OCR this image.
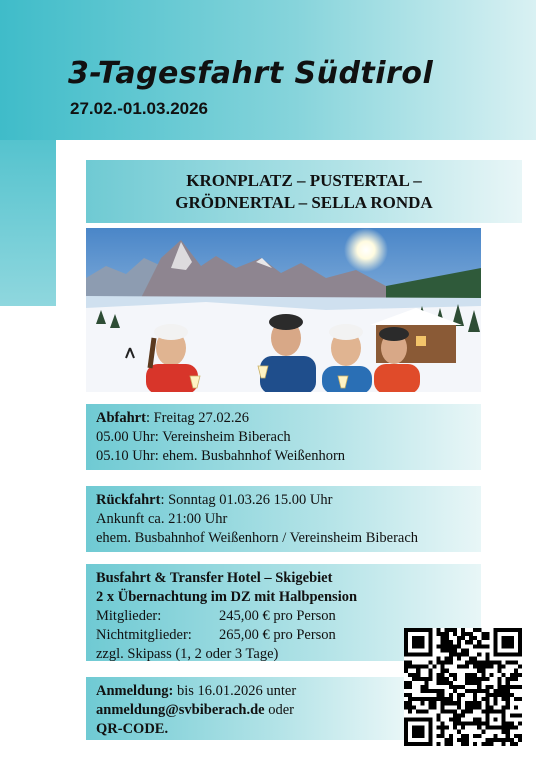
3-Tagesfahrt Südtirol
27.02.-01.03.2026
KRONPLATZ – PUSTERTAL –
GRÖDNERTAL – SELLA RONDA
Abfahrt: Freitag 27.02.26
05.00 Uhr: Vereinsheim Biberach
05.10 Uhr: ehem. Busbahnhof Weißenhorn
Rückfahrt: Sonntag 01.03.26 15.00 Uhr
Ankunft ca. 21:00 Uhr
ehem. Busbahnhof Weißenhorn / Vereinsheim Biberach
Busfahrt & Transfer Hotel – Skigebiet
2 x Übernachtung im DZ mit Halbpension
Mitglieder:	245,00 € pro Person
Nichtmitglieder:	265,00 € pro Person
zzgl. Skipass (1, 2 oder 3 Tage)
Anmeldung: bis 16.01.2026 unter
anmeldung@svbiberach.de oder
QR-CODE.
